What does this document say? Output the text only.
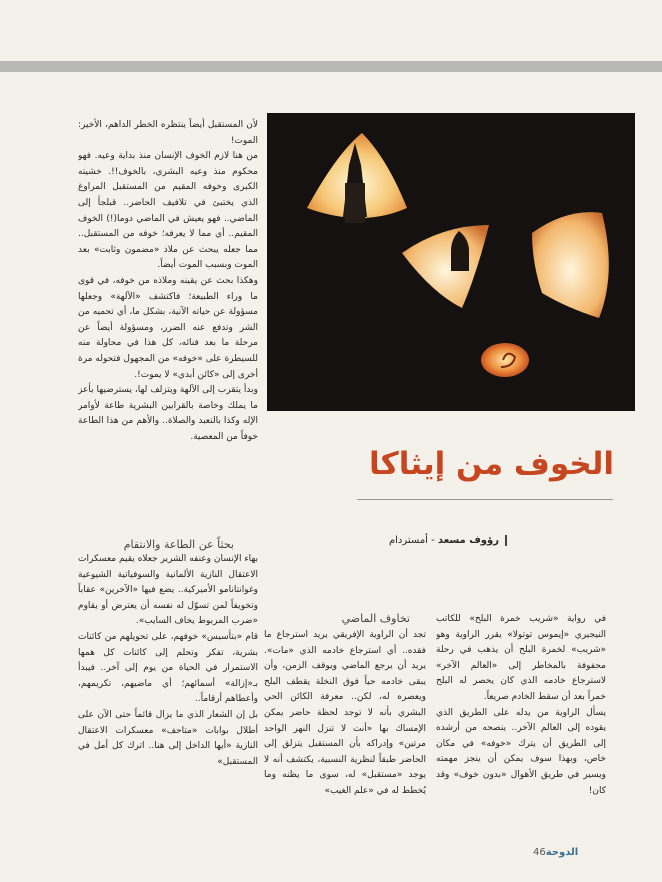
الخوف من إيثاكا
رؤوف مسعد - أمستردام

لأن المستقبل أيضاً ينتظره الخطر الداهم، الأخير: الموت!

من هنا لازم الخوف الإنسان منذ بداية وعيه. فهو محكوم منذ وعيه البشري، بالخوف!!. خشيته الكبرى وخوفه المقيم من المستقبل المراوغ الذي يختبئ في تلافيف الحاضر.. قبلجأ إلى الماضي.. فهو يعيش في الماضي دوما(!) الخوف المقيم.. أي مما لا يعرفه؛ خوفه من المستقبل.. مما جعله يبحث عن ملاذ «مضمون وثابت» بعد الموت وبسبب الموت أيضاً.

وهكذا بحث عن يقينه وملاذه من خوفه، في قوى ما وراء الطبيعة؛ فاكتشف «الآلهة» وجعلها مسؤولة عن حياته الآنية، بشكل ما، أي تحميه من الشر وتدفع عنه الضرر، ومسؤولة أيضاً عن مرحلة ما بعد فنائه، كل هذا في محاولة منه للسيطرة على «خوفه» من المجهول فتحوله مرة أخرى إلى «كائن أبدي» لا يموت!.

وبدأ يتقرب إلى الآلهة ويتزلف لها، يسترضيها بأعز ما يملك وخاصة بالقرابين البشرية طاعة لأوامر الإله وكذا بالتعبد والصلاة.. والأهم من هذا الطاعة خوفاً من المعصية.

بحثاً عن الطاعة والانتقام

بهاء الإنسان وعنفه الشرير جعلاه يقيم معسكرات الاعتقال النازية الألمانية والسوفياتية الشيوعية وغوانتانامو الأميركية.. يضع فيها «الآخرين» عقاباً وتخويفاً لمن تسوّل له نفسه أن يعترض أو يقاوم «ضرب المربوط يخاف السايب».

قام «بتأسيس» خوفهم، على تحويلهم من كائنات بشرية، تفكر وتحلم إلى كائنات كل همها الاستمرار في الحياة من يوم إلى آخر.. فيبدأ بـ«إزالة» أسمائهم؛ أي ماضيهم، تكريمهم، وأعطاهم أرقاماً..

بل إن الشعار الذي ما يزال قائماً حتى الآن على أطلال بوابات «متاحف» معسكرات الاعتقال النازية «أيها الداخل إلى هنا.. اترك كل أمل في المستقبل»

تخاوف الماضي

تجد أن الراوية الإفريقي يريد استرجاع ما فقده.. أي استرجاع خادمه الذي «مات». يريد أن يرجع الماضي ويوقف الزمن، وأن يبقى خادمه حياً فوق النخلة يقطف البلح ويعصره له، لكن.. معرفة الكائن الحي البشري بأنه لا توجد لحظة حاضر يمكن الإمساك بها «أنت لا تنزل النهر الواحد مرتين» وإدراكه بأن المستقبل يتزلق إلى الحاضر طبقاً لنظرية النسبية، يكتشف أنه لا يوجد «مستقبل» له، سوى ما يظنه وما يُخطط له في «علم الغيب»

في رواية «شريب خمرة البلح» للكاتب النيجيري «إيموس توتولا» يقرر الراوية وهو «شريب» لخمرة البلح أن يذهب في رحلة محفوفة بالمخاطر إلى «العالم الآخر» لاسترجاع خادمه الذي كان يحصر له البلح خمراً بعد أن سقط الخادم صريعاً.

يسأل الراوية من يدله على الطريق الذي يقوده إلى العالم الآخر.. ينصحه من أرشده إلى الطريق أن يترك «خوفه» في مكان خاص، وبهذا سوف يمكن أن ينجز مهمته ويسير في طريق الأهوال «بدون خوف» وقد كان!

الدوحة46
